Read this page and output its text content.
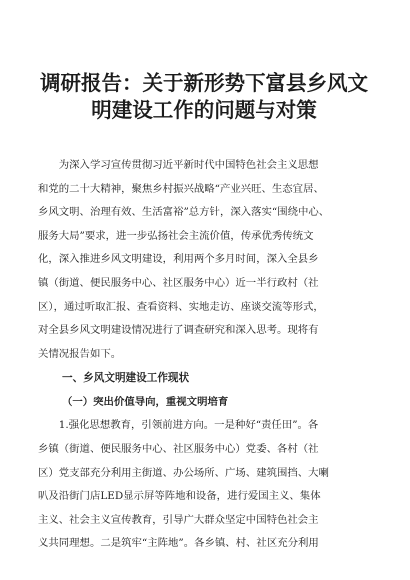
调研报告：关于新形势下富县乡风文
明建设工作的问题与对策

　　为深入学习宣传贯彻习近平新时代中国特色社会主义思想
和党的二十大精神，聚焦乡村振兴战略“产业兴旺、生态宜居、
乡风文明、治理有效、生活富裕”总方针，深入落实“围绕中心、
服务大局”要求，进一步弘扬社会主流价值，传承优秀传统文
化，深入推进乡风文明建设，利用两个多月时间，深入全县乡
镇（街道、便民服务中心、社区服务中心）近一半行政村（社
区），通过听取汇报、查看资料、实地走访、座谈交流等形式，
对全县乡风文明建设情况进行了调查研究和深入思考。现将有
关情况报告如下。

一、乡风文明建设工作现状
（一）突出价值导向，重视文明培育

　　1.强化思想教育，引领前进方向。一是种好“责任田”。各
乡镇（街道、便民服务中心、社区服务中心）党委、各村（社
区）党支部充分利用主街道、办公场所、广场、建筑围挡、大喇
叭及沿街门店LED显示屏等阵地和设备，进行爱国主义、集体
主义、社会主义宣传教育，引导广大群众坚定中国特色社会主
义共同理想。二是筑牢“主阵地”。各乡镇、村、社区充分利用
